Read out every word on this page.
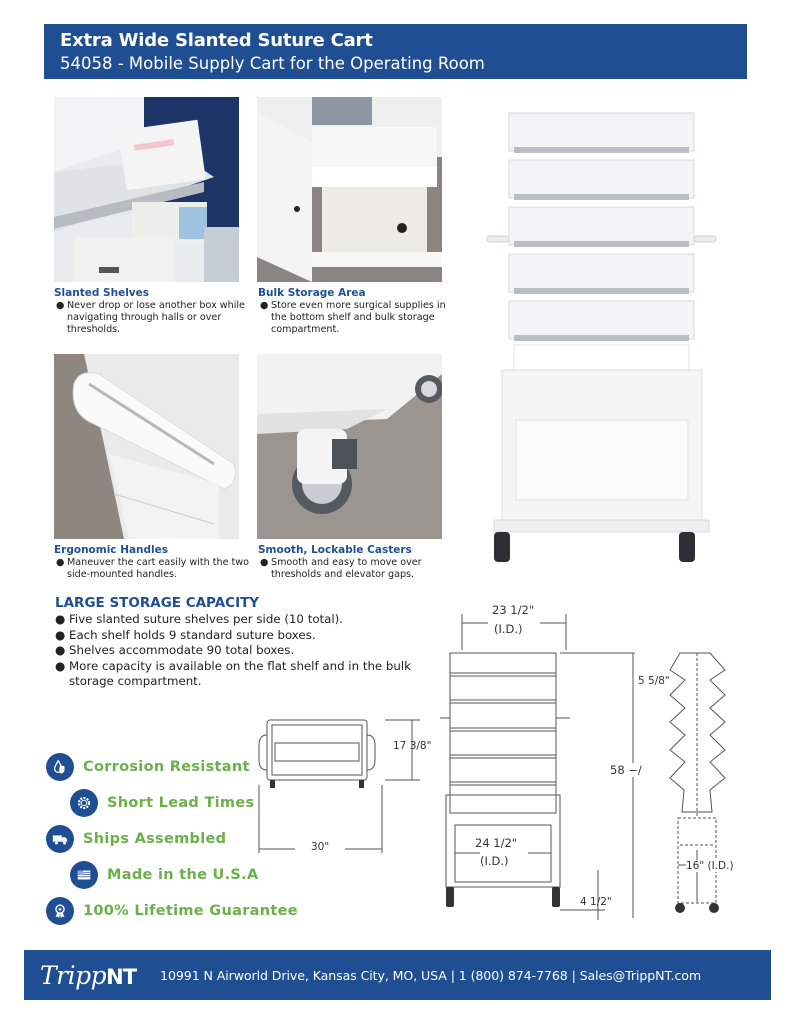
Extra Wide Slanted Suture Cart
54058 - Mobile Supply Cart for the Operating Room
Slanted Shelves
● Never drop or lose another box while navigating through halls or over thresholds.
Bulk Storage Area
● Store even more surgical supplies in the bottom shelf and bulk storage compartment.
Ergonomic Handles
● Maneuver the cart easily with the two side-mounted handles.
Smooth, Lockable Casters
● Smooth and easy to move over thresholds and elevator gaps.
LARGE STORAGE CAPACITY
● Five slanted suture shelves per side (10 total).
● Each shelf holds 9 standard suture boxes.
● Shelves accommodate 90 total boxes.
● More capacity is available on the flat shelf and in the bulk storage compartment.
Corrosion Resistant
Short Lead Times
Ships Assembled
Made in the U.S.A
100% Lifetime Guarantee
17 3/8"
30"
23 1/2"
(I.D.)
58 −/
24 1/2"
(I.D.)
4 1/2"
5 5/8"
16" (I.D.)
TrippNT 10991 N Airworld Drive, Kansas City, MO, USA | 1 (800) 874-7768 | Sales@TrippNT.com
